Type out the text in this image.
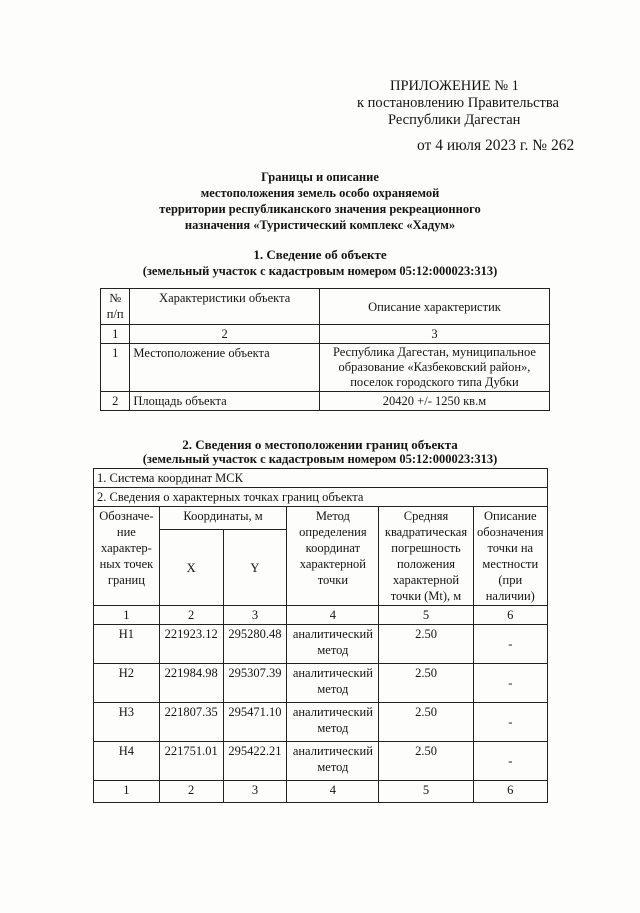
ПРИЛОЖЕНИЕ № 1
к постановлению Правительства
Республики Дагестан
от 4 июля 2023 г. № 262
Границы и описание
местоположения земель особо охраняемой
территории республиканского значения рекреационного
назначения «Туристический комплекс «Хадум»
1. Сведение об объекте
(земельный участок с кадастровым номером 05:12:000023:313)
№ п/п	Характеристики объекта	Описание характеристик
1	2	3
1	Местоположение объекта	Республика Дагестан, муниципальное образование «Казбековский район», поселок городского типа Дубки
2	Площадь объекта	20420 +/- 1250 кв.м
2. Сведения о местоположении границ объекта
(земельный участок с кадастровым номером 05:12:000023:313)
1. Система координат МСК					
2. Сведения о характерных точках границ объекта					
Обозначе-ние характер-ных точек границ	Координаты, м		Метод определения координат характерной точки	Средняя квадратическая погрешность положения характерной точки (Mt), м	Описание обозначения точки на местности (при наличии)
	X	Y			
1	2	3	4	5	6
Н1	221923.12	295280.48	аналитический метод	2.50	-
Н2	221984.98	295307.39	аналитический метод	2.50	-
Н3	221807.35	295471.10	аналитический метод	2.50	-
Н4	221751.01	295422.21	аналитический метод	2.50	-
1	2	3	4	5	6
